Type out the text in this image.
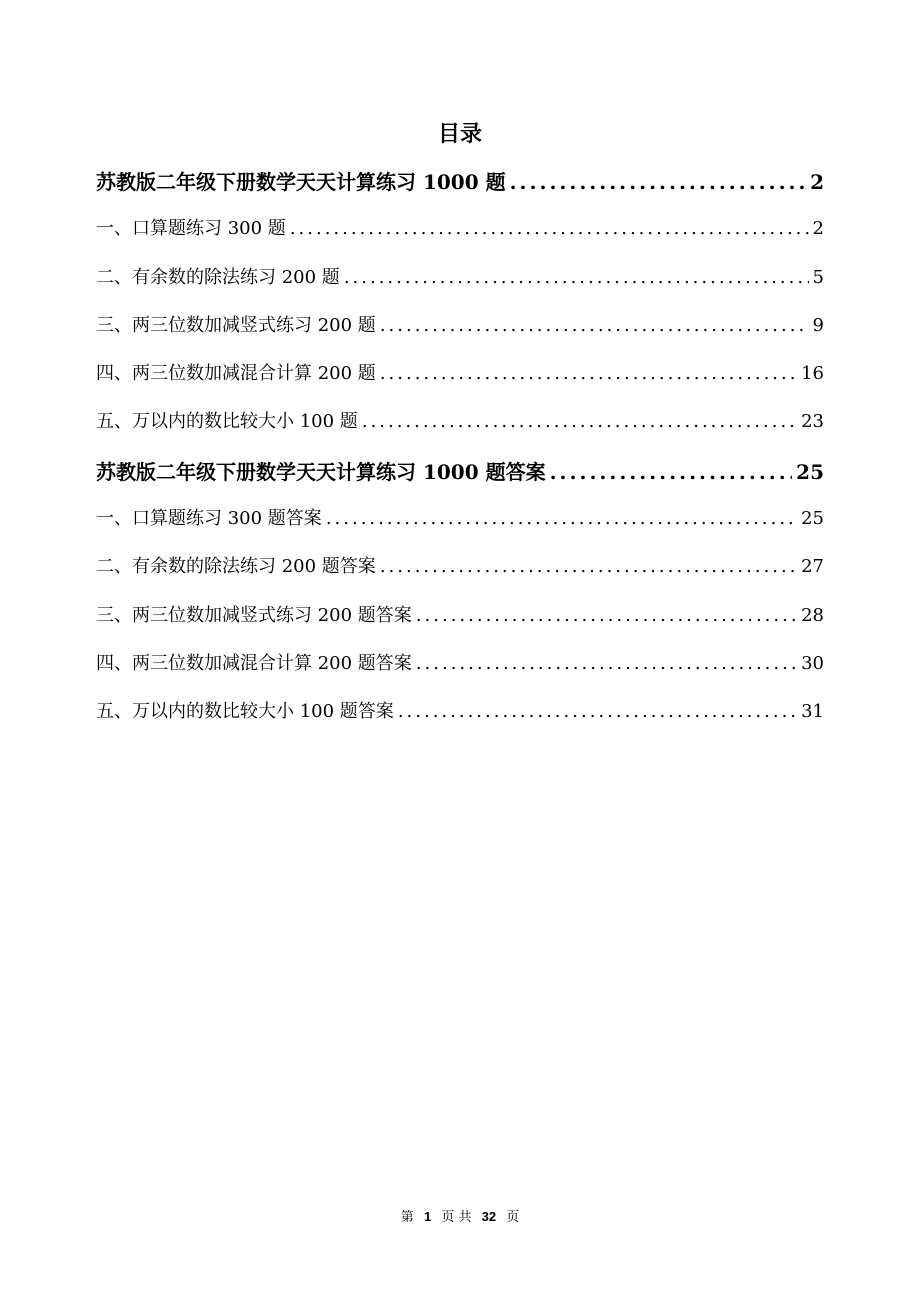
目录
苏教版二年级下册数学天天计算练习 1000 题 .....	2
一、口算题练习 300 题 .....	2
二、有余数的除法练习 200 题 .....	5
三、两三位数加减竖式练习 200 题 .....	9
四、两三位数加减混合计算 200 题 .....	16
五、万以内的数比较大小 100 题 .....	23
苏教版二年级下册数学天天计算练习 1000 题答案 .....	25
一、口算题练习 300 题答案 .....	25
二、有余数的除法练习 200 题答案 .....	27
三、两三位数加减竖式练习 200 题答案 .....	28
四、两三位数加减混合计算 200 题答案 .....	30
五、万以内的数比较大小 100 题答案 .....	31
第 1 页 共 32 页
